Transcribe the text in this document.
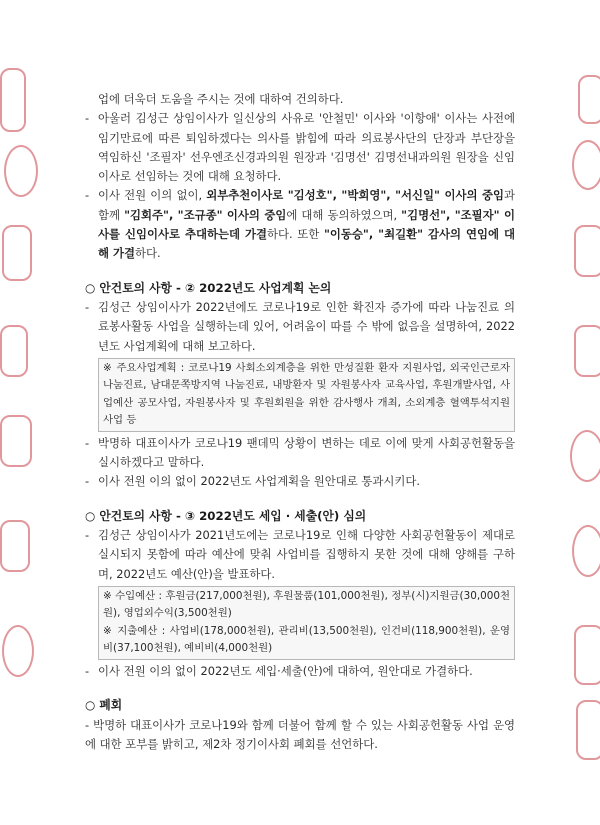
업에 더욱더 도움을 주시는 것에 대하여 건의하다.
- 아울러 김성근 상임이사가 일신상의 사유로 '안철민' 이사와 '이항애' 이사는 사전에 임기만료에 따른 퇴임하겠다는 의사를 밝힘에 따라 의료봉사단의 단장과 부단장을 역임하신 '조필자' 선우엔조신경과의원 원장과 '김명선' 김명선내과의원 원장을 신임 이사로 선임하는 것에 대해 요청하다.
- 이사 전원 이의 없이, 외부추천이사로 "김성호", "박희영", "서신일" 이사의 중임과 함께 "김회주", "조규종" 이사의 중임에 대해 동의하였으며, "김명선", "조필자" 이사를 신임이사로 추대하는데 가결하다. 또한 "이동승", "최길환" 감사의 연임에 대해 가결하다.
○ 안건토의 사항 - ② 2022년도 사업계획 논의
- 김성근 상임이사가 2022년에도 코로나19로 인한 확진자 증가에 따라 나눔진료 의료봉사활동 사업을 실행하는데 있어, 어려움이 따를 수 밖에 없음을 설명하여, 2022년도 사업계획에 대해 보고하다.
※ 주요사업계획 : 코로나19 사회소외계층을 위한 만성질환 환자 지원사업, 외국인근로자 나눔진료, 남대문쪽방지역 나눔진료, 내방환자 및 자원봉사자 교육사업, 후원개발사업, 사업예산 공모사업, 자원봉사자 및 후원회원을 위한 감사행사 개최, 소외계층 혈액투석지원사업 등
- 박명하 대표이사가 코로나19 팬데믹 상황이 변하는 데로 이에 맞게 사회공헌활동을 실시하겠다고 말하다.
- 이사 전원 이의 없이 2022년도 사업계획을 원안대로 통과시키다.
○ 안건토의 사항 - ③ 2022년도 세입 · 세출(안) 심의
- 김성근 상임이사가 2021년도에는 코로나19로 인해 다양한 사회공헌활동이 제대로 실시되지 못함에 따라 예산에 맞춰 사업비를 집행하지 못한 것에 대해 양해를 구하며, 2022년도 예산(안)을 발표하다.
※ 수입예산 : 후원금(217,000천원), 후원물품(101,000천원), 정부(시)지원금(30,000천원), 영업외수익(3,500천원)
※ 지출예산 : 사업비(178,000천원), 관리비(13,500천원), 인건비(118,900천원), 운영비(37,100천원), 예비비(4,000천원)
- 이사 전원 이의 없이 2022년도 세입·세출(안)에 대하여, 원안대로 가결하다.
○ 폐회
- 박명하 대표이사가 코로나19와 함께 더불어 함께 할 수 있는 사회공헌활동 사업 운영에 대한 포부를 밝히고, 제2차 정기이사회 폐회를 선언하다.
